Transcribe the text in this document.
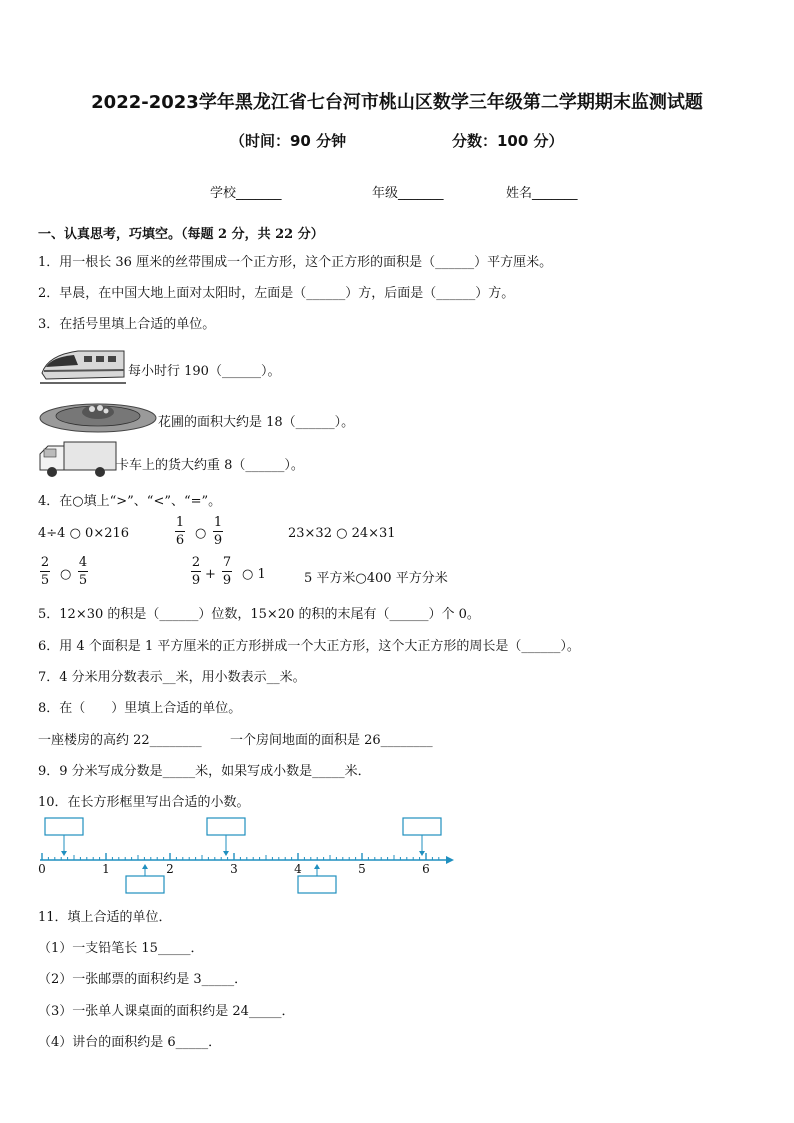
2022-2023学年黑龙江省七台河市桃山区数学三年级第二学期期末监测试题
（时间：90 分钟	分数：100 分）
学校_______	年级_______	姓名_______
一、认真思考，巧填空。（每题 2 分，共 22 分）
1．用一根长 36 厘米的丝带围成一个正方形，这个正方形的面积是（______）平方厘米。
2．早晨，在中国大地上面对太阳时，左面是（______）方，后面是（______）方。
3．在括号里填上合适的单位。
每小时行 190（______）。
花圃的面积大约是 18（______）。
卡车上的货大约重 8（______）。
4．在○填上“>”、“<”、“=”。
4÷4 ○ 0×216
1
6 ○
1
9	23×32 ○ 24×31
2
5 ○
4
5
2
9 +
7
9 ○ 1	5 平方米○400 平方分米
5．12×30 的积是（______）位数，15×20 的积的末尾有（______）个 0。
6．用 4 个面积是 1 平方厘米的正方形拼成一个大正方形，这个大正方形的周长是（______）。
7．4 分米用分数表示__米，用小数表示__米。
8．在（　　）里填上合适的单位。
一座楼房的高约 22________ 一个房间地面的面积是 26________
9．9 分米写成分数是_____米，如果写成小数是_____米．
10．在长方形框里写出合适的小数。
0	1	2	3	4	5	6
11．填上合适的单位．
（1）一支铅笔长 15_____．
（2）一张邮票的面积约是 3_____．
（3）一张单人课桌面的面积约是 24_____．
（4）讲台的面积约是 6_____．
